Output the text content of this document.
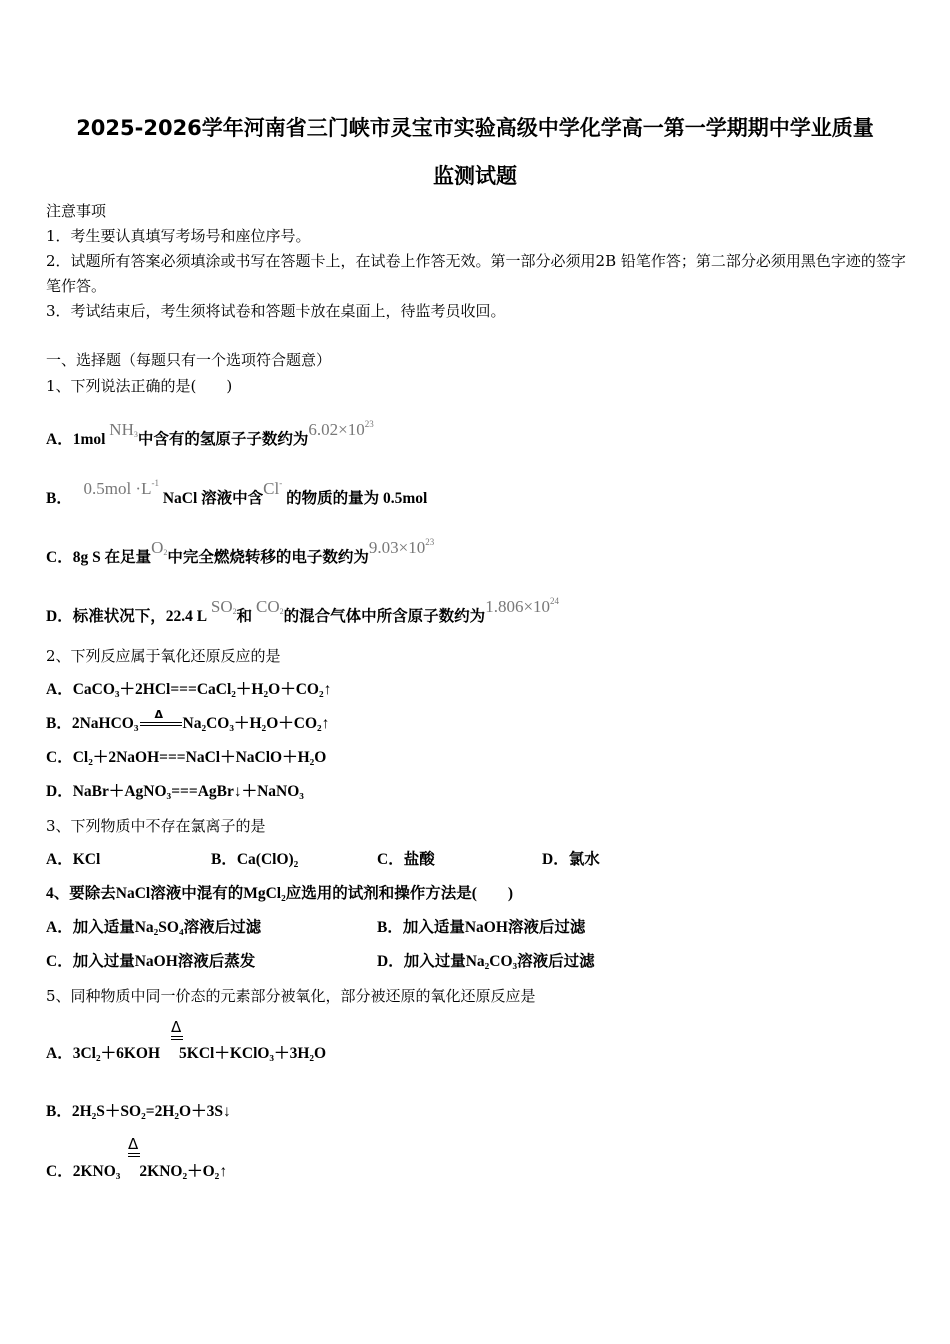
2025-2026学年河南省三门峡市灵宝市实验高级中学化学高一第一学期期中学业质量
监测试题
注意事项
1．考生要认真填写考场号和座位序号。
2．试题所有答案必须填涂或书写在答题卡上，在试卷上作答无效。第一部分必须用2B 铅笔作答；第二部分必须用黑色字迹的签字笔作答。
3．考试结束后，考生须将试卷和答题卡放在桌面上，待监考员收回。
一、选择题（每题只有一个选项符合题意）
1、下列说法正确的是(　　)
A．1mol $NH_3$中含有的氢原子子数约为$6.02\times 10^{23}$
B．   $0.5mol \cdot L^{-1}$ NaCl 溶液中含Cl- 的物质的量为 0.5mol
C．8g S 在足量$O_2$中完全燃烧转移的电子数约为$9.03\times 10^{23}$
D．标准状况下，22.4 L $SO_2$和 $CO_2$的混合气体中所含原子数约为$1.806\times 10^{24}$
2、下列反应属于氧化还原反应的是
A．CaCO₃＋2HCl===CaCl₂＋H₂O＋CO₂↑
B．2NaHCO₃
Δ
Na₂CO₃＋H₂O＋CO₂↑
C．Cl₂＋2NaOH===NaCl＋NaClO＋H₂O
D．NaBr＋AgNO₃===AgBr↓＋NaNO₃
3、下列物质中不存在氯离子的是
A．KCl	B．Ca(ClO)₂	C．盐酸	D．氯水
4、要除去NaCl溶液中混有的MgCl₂应选用的试剂和操作方法是(　　)
A．加入适量Na₂SO₄溶液后过滤	B．加入适量NaOH溶液后过滤
C．加入过量NaOH溶液后蒸发	D．加入过量Na₂CO₃溶液后过滤
5、同种物质中同一价态的元素部分被氧化，部分被还原的氧化还原反应是
Δ
A．3Cl₂＋6KOH 5KCl＋KClO₃＋3H₂O
B．2H₂S＋SO₂=2H₂O＋3S↓
Δ
C．2KNO₃ 2KNO₂＋O₂↑
